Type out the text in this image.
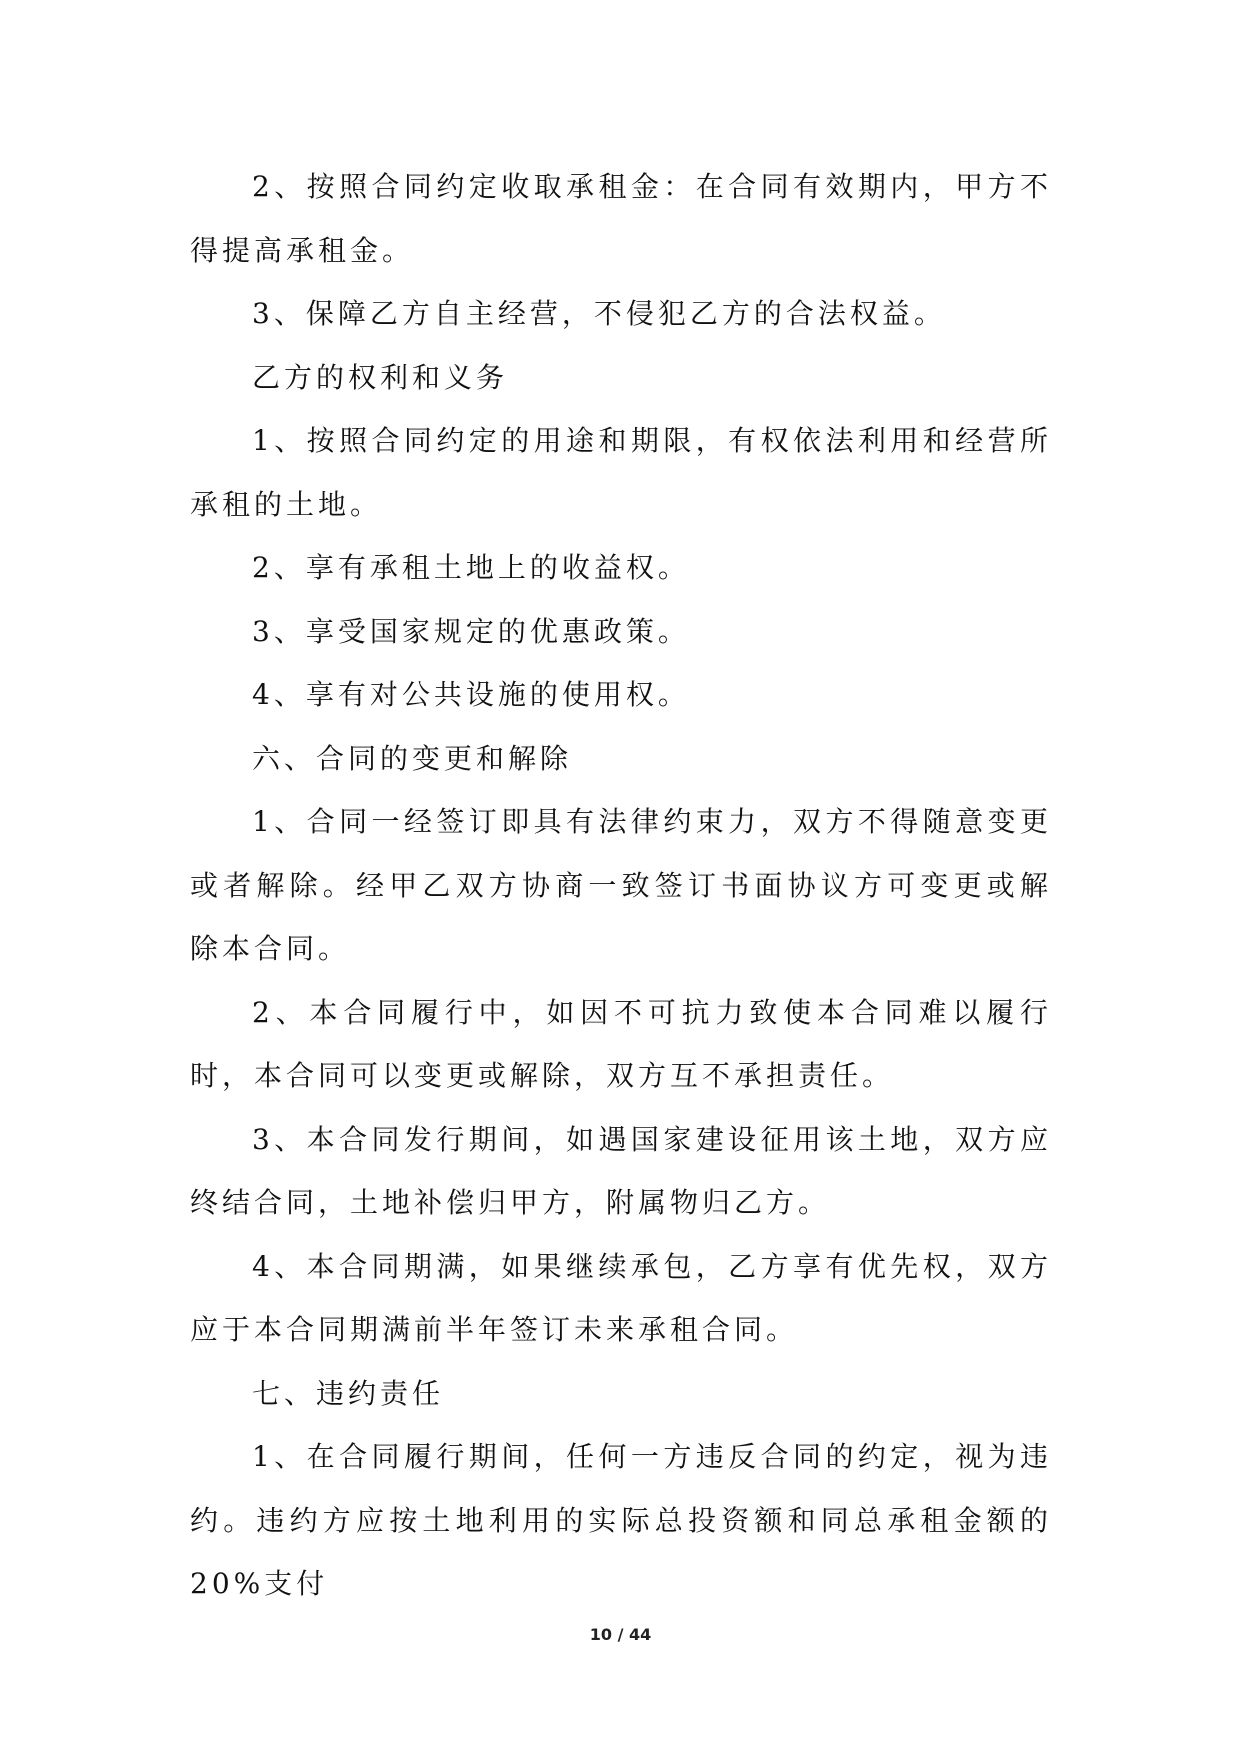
2、按照合同约定收取承租金：在合同有效期内，甲方不得提高承租金。

3、保障乙方自主经营，不侵犯乙方的合法权益。

乙方的权利和义务

1、按照合同约定的用途和期限，有权依法利用和经营所承租的土地。

2、享有承租土地上的收益权。

3、享受国家规定的优惠政策。

4、享有对公共设施的使用权。

六、合同的变更和解除

1、合同一经签订即具有法律约束力，双方不得随意变更或者解除。经甲乙双方协商一致签订书面协议方可变更或解除本合同。

2、本合同履行中，如因不可抗力致使本合同难以履行时，本合同可以变更或解除，双方互不承担责任。

3、本合同发行期间，如遇国家建设征用该土地，双方应终结合同，土地补偿归甲方，附属物归乙方。

4、本合同期满，如果继续承包，乙方享有优先权，双方应于本合同期满前半年签订未来承租合同。

七、违约责任

1、在合同履行期间，任何一方违反合同的约定，视为违约。违约方应按土地利用的实际总投资额和同总承租金额的20%支付

10 / 44
